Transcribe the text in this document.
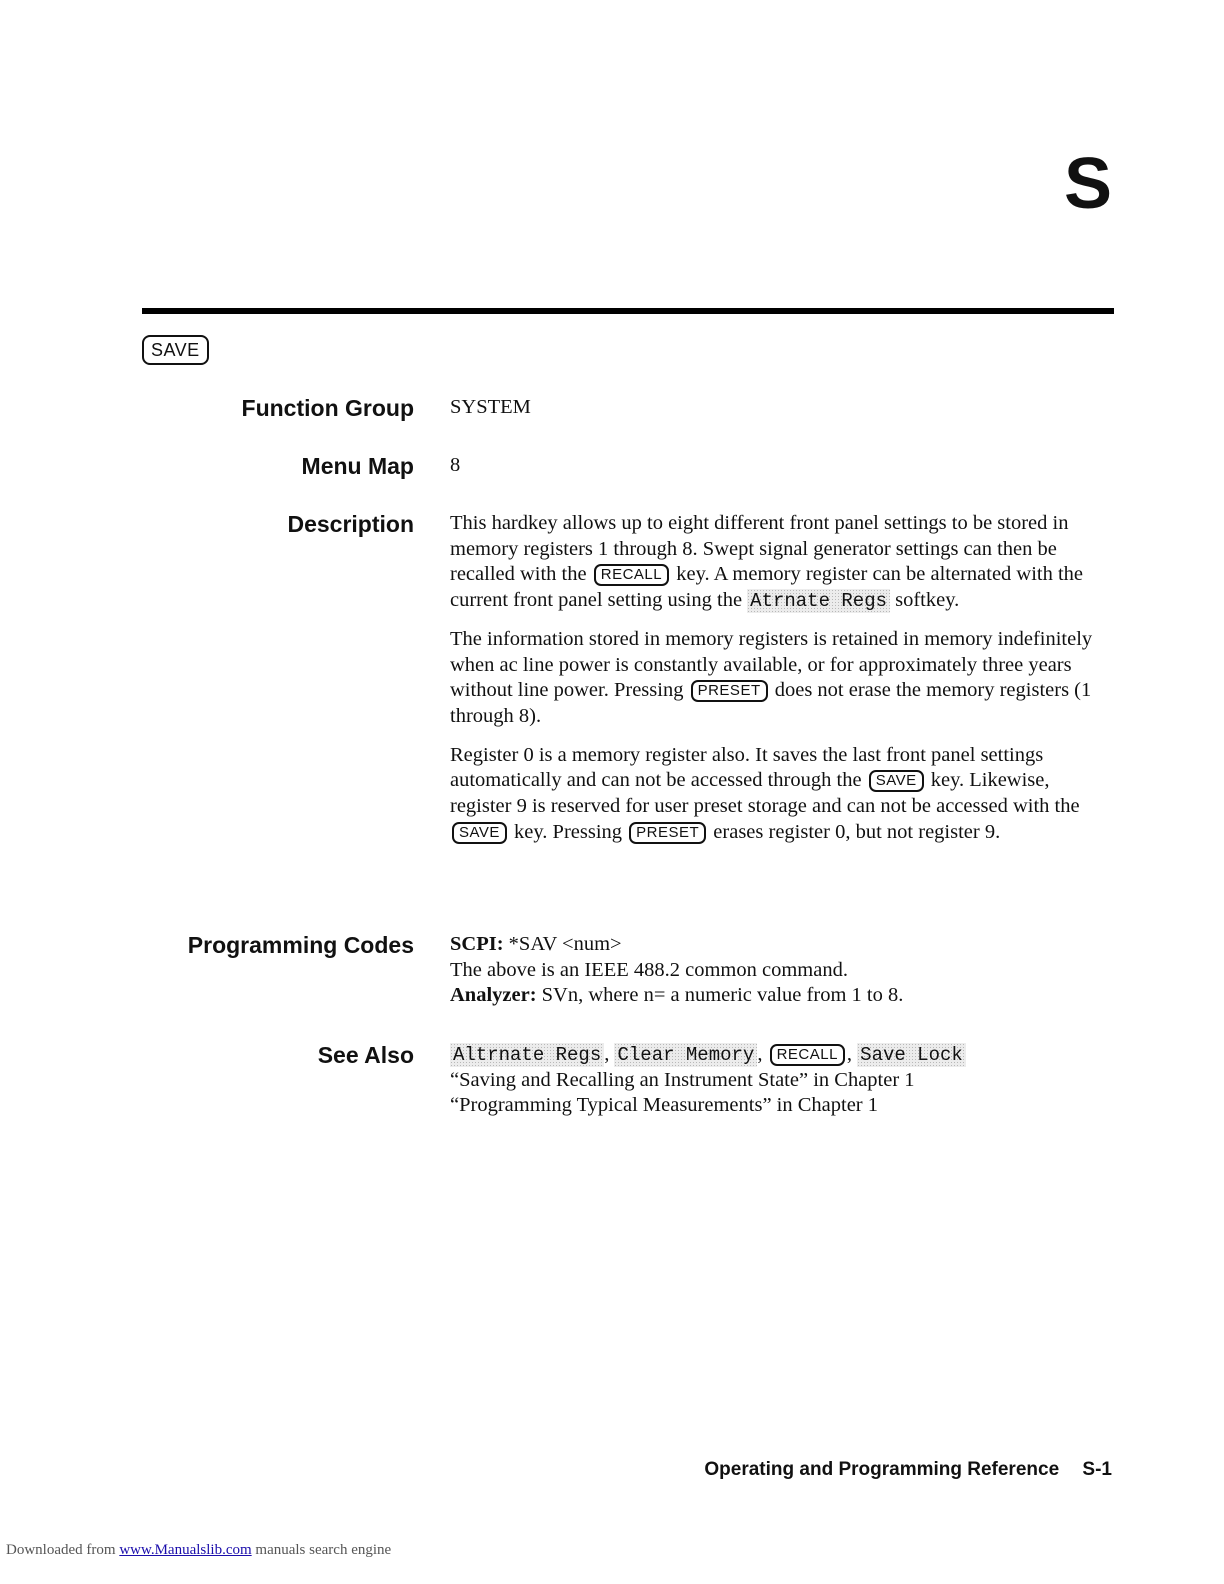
S
SAVE
Function Group SYSTEM
Menu Map 8
Description This hardkey allows up to eight different front panel settings to be stored in memory registers 1 through 8. Swept signal generator settings can then be recalled with the RECALL key. A memory register can be alternated with the current front panel setting using the Atrnate Regs softkey.

The information stored in memory registers is retained in memory indefinitely when ac line power is constantly available, or for approximately three years without line power. Pressing PRESET does not erase the memory registers (1 through 8).

Register 0 is a memory register also. It saves the last front panel settings automatically and can not be accessed through the SAVE key. Likewise, register 9 is reserved for user preset storage and can not be accessed with the SAVE key. Pressing PRESET erases register 0, but not register 9.

Programming Codes SCPI: *SAV <num>
The above is an IEEE 488.2 common command.
Analyzer: SVn, where n= a numeric value from 1 to 8.
See Also Altrnate Regs , Clear Memory , RECALL , Save Lock
“Saving and Recalling an Instrument State” in Chapter 1
“Programming Typical Measurements” in Chapter 1
Operating and Programming Reference S-1
Downloaded from www.Manualslib.com manuals search engine
